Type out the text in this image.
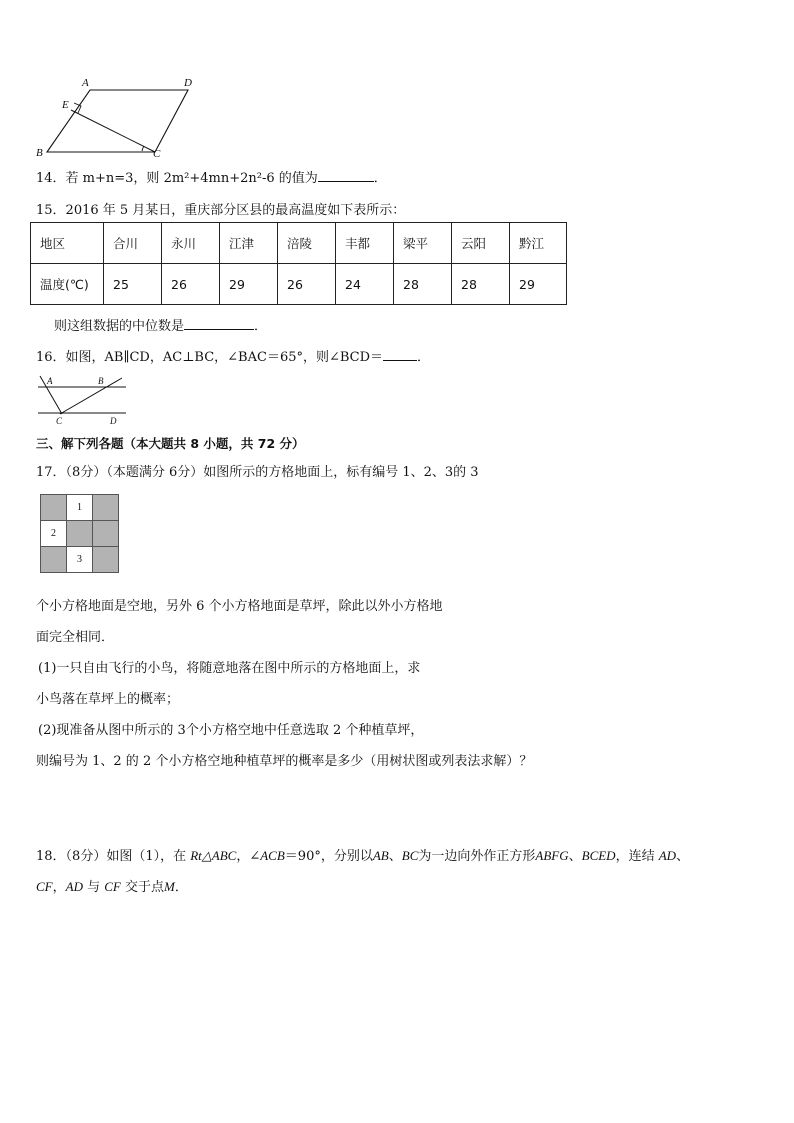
A	D
E
B	C
14．若 m+n=3，则 2m²+4mn+2n²-6 的值为	．
15．2016 年 5 月某日，重庆部分区县的最高温度如下表所示：
地区	合川	永川	江津	涪陵	丰都	梁平	云阳	黔江
温度(℃)	25	26	29	26	24	28	28	29
则这组数据的中位数是	．
16．如图，AB∥CD，AC⊥BC，∠BAC＝65°，则∠BCD＝	．
A	B
C	D
三、解下列各题（本大题共 8 小题，共 72 分）
17．（8分）（本题满分 6分）如图所示的方格地面上，标有编号 1、2、3的 3
	1	
2		
	3	
个小方格地面是空地，另外 6 个小方格地面是草坪，除此以外小方格地
面完全相同．
(1)一只自由飞行的小鸟，将随意地落在图中所示的方格地面上，求
小鸟落在草坪上的概率；
(2)现准备从图中所示的 3个小方格空地中任意选取 2 个种植草坪，
则编号为 1、2 的 2 个小方格空地种植草坪的概率是多少（用树状图或列表法求解）？
18．（8分）如图（1），在 Rt△ABC，∠ACB＝90°，分别以AB、BC为一边向外作正方形ABFG、BCED，连结 AD、
CF，AD 与 CF 交于点M．
